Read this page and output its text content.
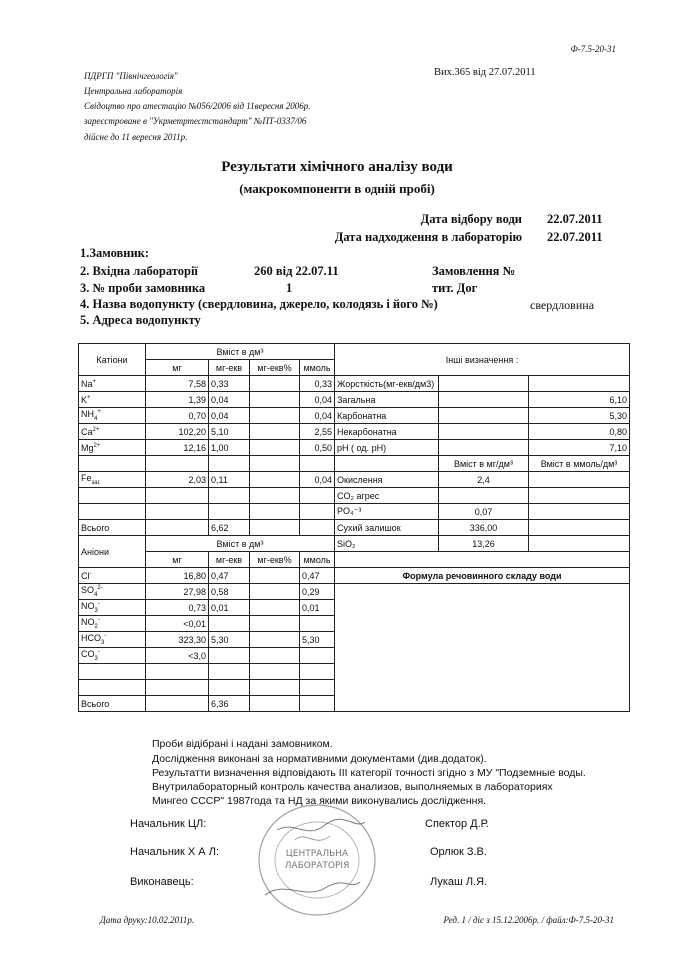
Ф-7.5-20-31
ПДРГП "Північгеологія"
Центральна лабораторія
Свідоцтво про атестацію №056/2006 від 11вересня 2006р.
зареєстроване в "Укрметртестстандарт" №ПТ-0337/06
дійсне до 11 вересня 2011р.
Вих.365 від 27.07.2011
Результати хімічного аналізу води
(макрокомпоненти в одній пробі)
Дата відбору води 22.07.2011
Дата надходження в лабораторію 22.07.2011
1.Замовник:
2. Вхідна лабораторії	260 від 22.07.11	Замовлення №
3. № проби замовника	1	тит. Дог
4. Назва водопункту (свердловина, джерело, колодязь і його №)	свердловина
5. Адреса водопункту
Катіони	Вміст в дм³				Інші визначення :		
	мг	мг-екв	мг-екв%	ммоль			
Na+	7,58	0,33		0,33	Жорсткість(мг-екв/дм3)		
K+	1,39	0,04		0,04	Загальна		6,10
$NH_4^+$	0,70	0,04		0,04	Карбонатна		5,30
$Ca^{2+}$	102,20	5,10		2,55	Некарбонатна		0,80
$Mg^{2+}$	12,16	1,00		0,50	pH ( од. pH)		7,10
						Вміст в мг/дм³	Вміст в ммоль/дм³
$Fe_{заг.}$	2,03	0,11		0,04	Окислення	2,4	
					CO₂ агрес		
					PO₄⁻³	0,07	
Всього		6,62			Сухий залишок	336,00	
Аніони	Вміст в дм³				SiO₂	13,26	
	мг	мг-екв	мг-екв%	ммоль			
Cl-	16,80	0,47		0,47	Формула речовинного складу води		
$SO_4^{2-}$	27,98	0,58		0,29			
$NO_3^-$	0,73	0,01		0,01			
$NO_2^-$	<0,01						
$HCO_3^-$	323,30	5,30		5,30			
$CO_3^-$	<3,0						

Всього		6,36					
Проби відібрані і надані замовником.
Дослідження виконані за нормативними документами (див.додаток).
Результатти визначення відповідають III категорії точності згідно з МУ "Подземные воды.
Внутрилабораторный контроль качества анализов, выполняемых в лабораториях
Мингео СССР" 1987года та НД за якими виконувались дослідження.
ЦЕНТРАЛЬНА
ЛАБОРАТОРІЯ
Начальник ЦЛ:	Спектор Д.Р.
Начальник Х А Л:	Орлюк З.В.
Виконавець:	Лукаш Л.Я.
Дата друку:10.02.2011р.	Ред. 1 / діє з 15.12.2006р. / файл:Ф-7.5-20-31
